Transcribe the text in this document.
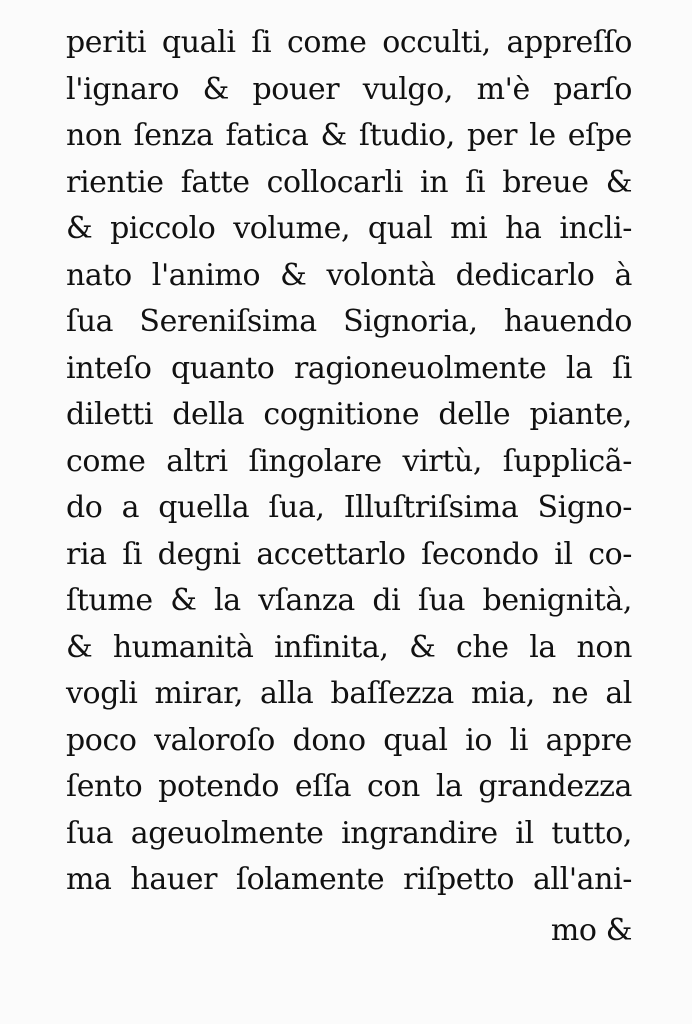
periti quali ſi come occulti, appreſſo
l'ignaro & pouer vulgo, m'è parſo
non ſenza fatica & ſtudio, per le eſpe
rientie fatte collocarli in ſi breue &
& piccolo volume, qual mi ha incli-
nato l'animo & volontà dedicarlo à
ſua Sereniſsima Signoria, hauendo
inteſo quanto ragioneuolmente la ſi
diletti della cognitione delle piante,
come altri ſingolare virtù, ſupplicã-
do a quella ſua, Illuſtriſsima Signo-
ria ſi degni accettarlo ſecondo il co-
ſtume & la vſanza di ſua benignità,
& humanità infinita, & che la non
vogli mirar, alla baſſezza mia, ne al
poco valoroſo dono qual io li appre
ſento potendo eſſa con la grandezza
ſua ageuolmente ingrandire il tutto,
ma hauer ſolamente riſpetto all'ani-
mo &
